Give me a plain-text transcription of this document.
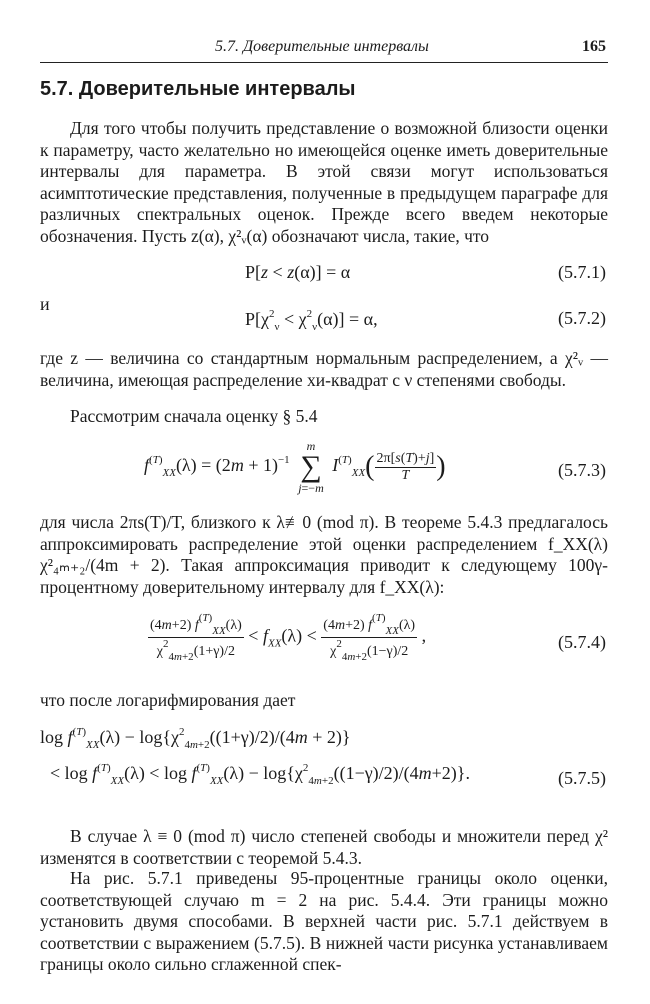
5.7. Доверительные интервалы	165
5.7. Доверительные интервалы
Для того чтобы получить представление о возможной близости оценки к параметру, часто желательно но имеющейся оценке иметь доверительные интервалы для параметра. В этой связи могут использоваться асимптотические представления, полученные в предыдущем параграфе для различных спектральных оценок. Прежде всего введем некоторые обозначения. Пусть z(α), χ²ᵥ(α) обозначают числа, такие, что
P[z < z(α)] = α	(5.7.1)
и
$P[\chi^2_\nu < \chi^2_\nu(\alpha)] = \alpha$,	(5.7.2)
где z — величина со стандартным нормальным распределением, а χ²ᵥ — величина, имеющая распределение хи-квадрат с ν степенями свободы.
Рассмотрим сначала оценку § 5.4
$f^{(T)}_{XX}(\lambda) = (2m + 1)^{-1}$
m
∑
j=−m
$I^{(T)}_{XX}( \frac{2\pi[s(T)+j]}{T}$ )	(5.7.3)
для числа 2πs(T)/T, близкого к λ≢0 (mod π). В теореме 5.4.3 предлагалось аппроксимировать распределение этой оценки распределением f_XX(λ) χ²₄ₘ₊₂/(4m + 2). Такая аппроксимация приводит к следующему 100γ-процентному доверительному интервалу для f_XX(λ):
$\frac{(4m+2) f^{(T)}_{XX}(\lambda)}{\chi^2_{4m+2}(1+\gamma)/2} < f_{XX}(\lambda) < \frac{(4m+2) f^{(T)}_{XX}(\lambda)}{\chi^2_{4m+2}(1-\gamma)/2}$ ,	(5.7.4)
что после логарифмирования дает
$\log f^{(T)}_{XX}(\lambda) - \log\{\chi^2_{4m+2}((1+\gamma)/2)/(4m + 2)\}$
< $\log f^{(T)}_{XX}(\lambda) < \log f^{(T)}_{XX}(\lambda) - \log\{\chi^2_{4m+2}((1-\gamma)/2)/(4m+2)\}$.	(5.7.5)
В случае λ ≡ 0 (mod π) число степеней свободы и множители перед χ² изменятся в соответствии с теоремой 5.4.3.
На рис. 5.7.1 приведены 95-процентные границы около оценки, соответствующей случаю m = 2 на рис. 5.4.4. Эти границы можно установить двумя способами. В верхней части рис. 5.7.1 действуем в соответствии с выражением (5.7.5). В нижней части рисунка устанавливаем границы около сильно сглаженной спек-
